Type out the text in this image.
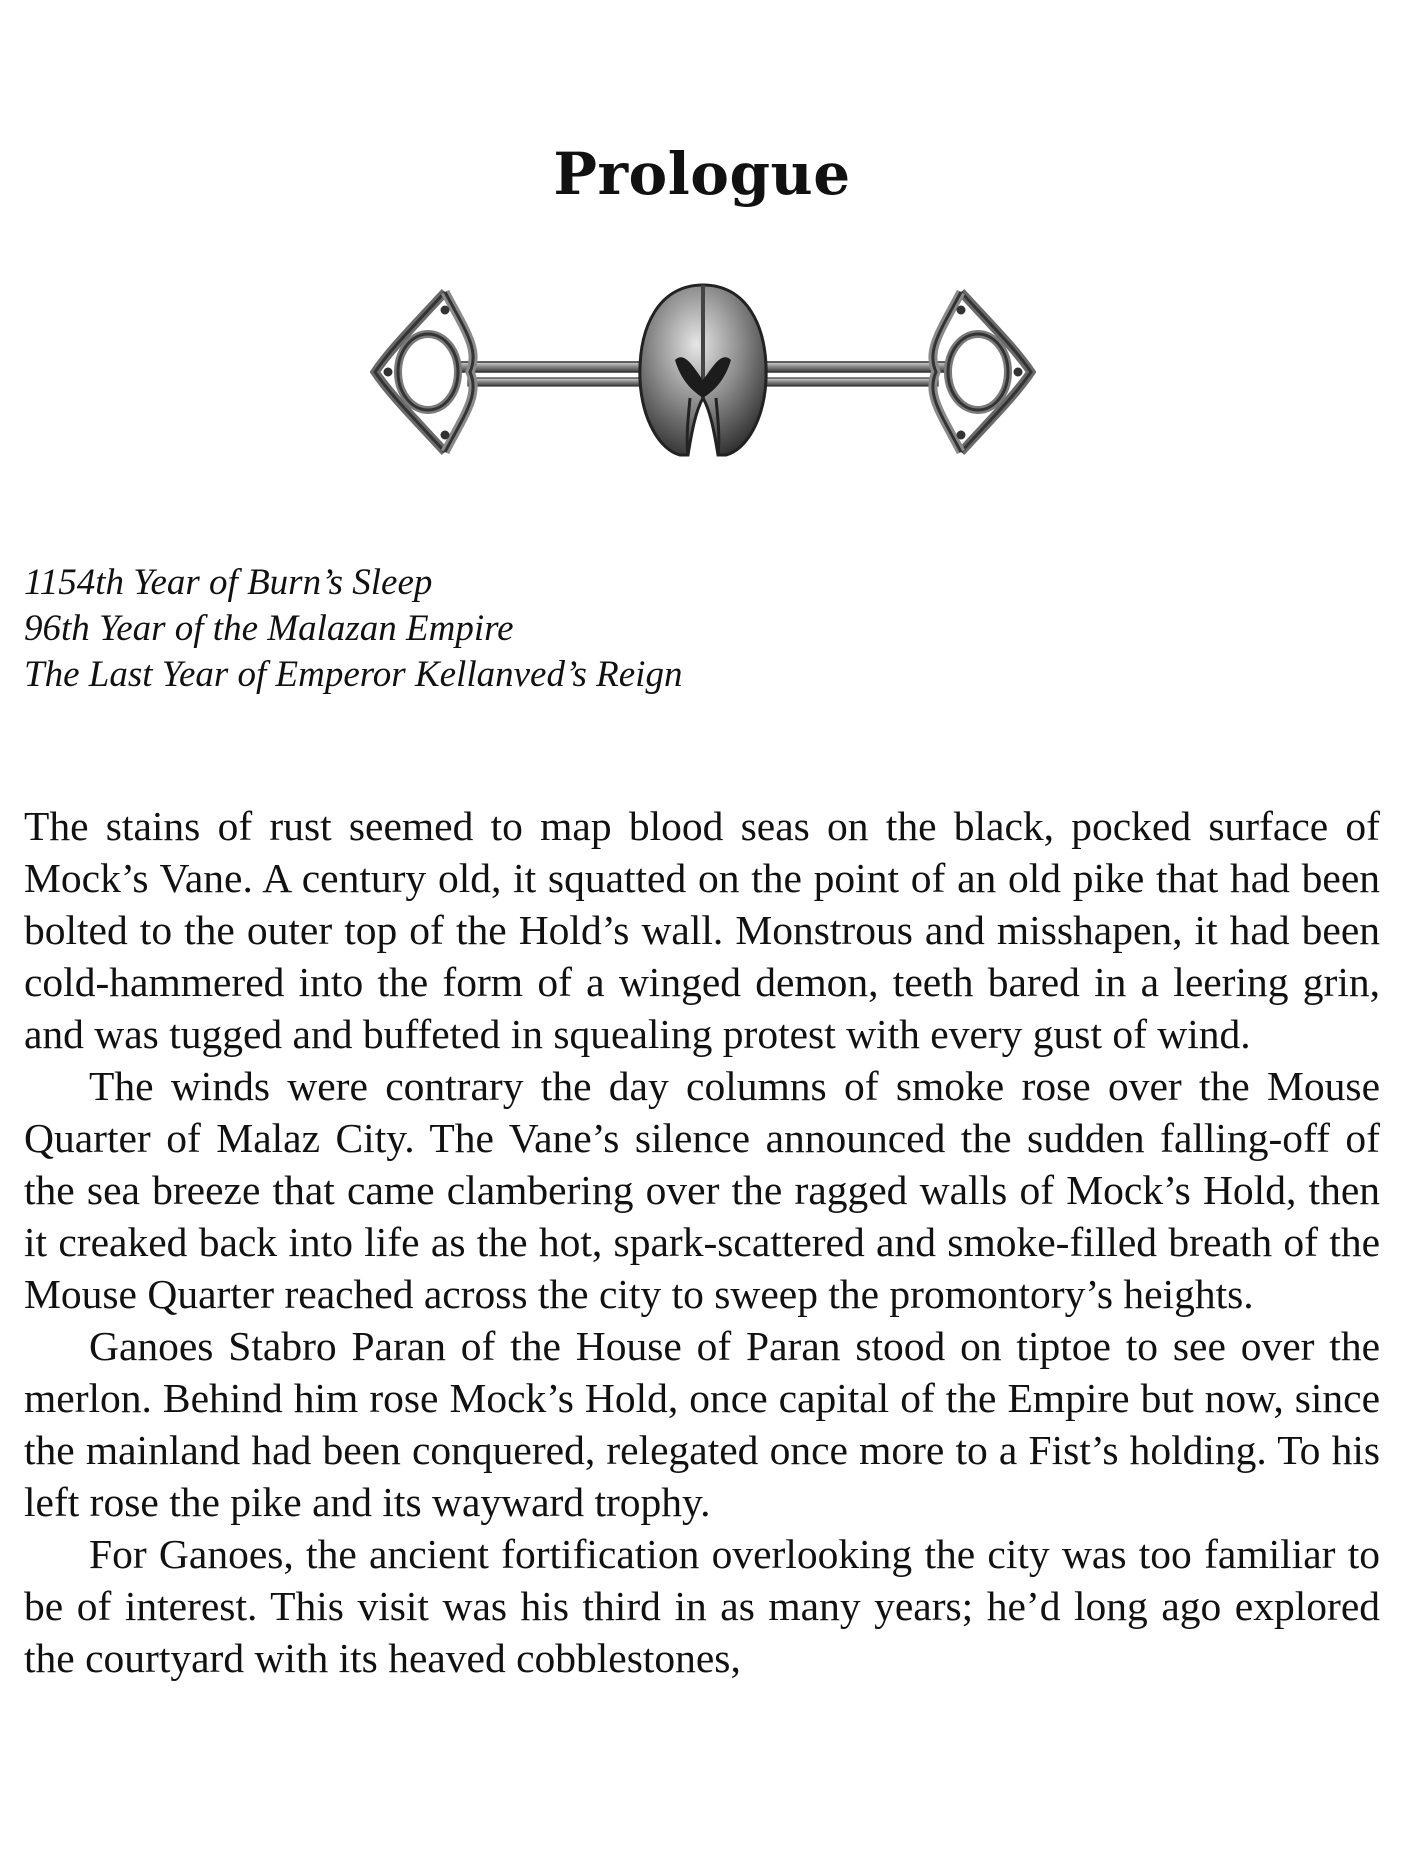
Prologue
1154th Year of Burn’s Sleep
96th Year of the Malazan Empire
The Last Year of Emperor Kellanved’s Reign

The stains of rust seemed to map blood seas on the black, pocked surface of Mock’s Vane. A century old, it squatted on the point of an old pike that had been bolted to the outer top of the Hold’s wall. Monstrous and misshapen, it had been cold-hammered into the form of a winged demon, teeth bared in a leering grin, and was tugged and buffeted in squealing protest with every gust of wind.

The winds were contrary the day columns of smoke rose over the Mouse Quarter of Malaz City. The Vane’s silence announced the sudden falling-off of the sea breeze that came clambering over the ragged walls of Mock’s Hold, then it creaked back into life as the hot, spark-scattered and smoke-filled breath of the Mouse Quarter reached across the city to sweep the promontory’s heights.

Ganoes Stabro Paran of the House of Paran stood on tiptoe to see over the merlon. Behind him rose Mock’s Hold, once capital of the Empire but now, since the mainland had been conquered, relegated once more to a Fist’s holding. To his left rose the pike and its wayward trophy.

For Ganoes, the ancient fortification overlooking the city was too familiar to be of interest. This visit was his third in as many years; he’d long ago explored the courtyard with its heaved cobblestones,
